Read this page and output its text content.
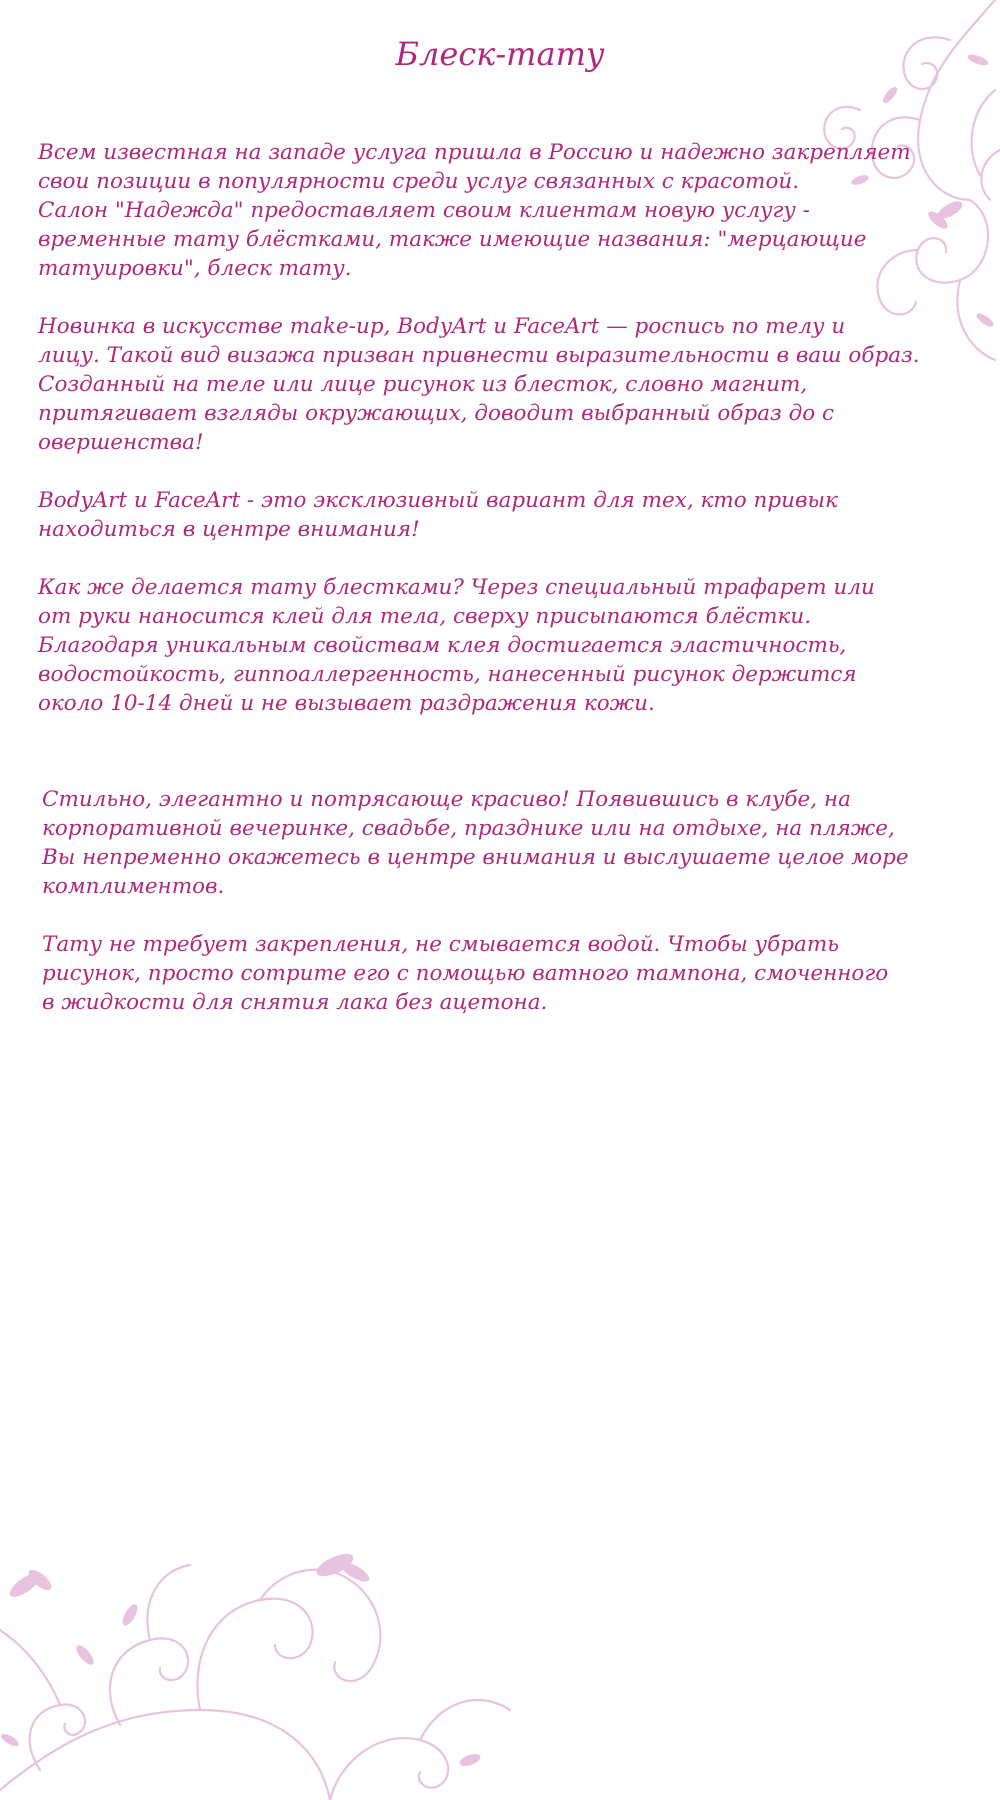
Блеск-тату

Всем известная на западе услуга пришла в Россию и надежно закрепляет
свои позиции в популярности среди услуг связанных с красотой.
Салон "Надежда" предоставляет своим клиентам новую услугу -
временные тату блёстками, также имеющие названия: "мерцающие
татуировки", блеск тату.

Новинка в искусстве make-up, BodyArt и FaceArt — роспись по телу и
лицу. Такой вид визажа призван привнести выразительности в ваш образ.
Созданный на теле или лице рисунок из блесток, словно магнит,
притягивает взгляды окружающих, доводит выбранный образ до с
овершенства!

BodyArt и FaceArt - это эксклюзивный вариант для тех, кто привык
находиться в центре внимания!

Как же делается тату блестками? Через специальный трафарет или
от руки наносится клей для тела, сверху присыпаются блёстки.
Благодаря уникальным свойствам клея достигается эластичность,
водостойкость, гиппоаллергенность, нанесенный рисунок держится
около 10-14 дней и не вызывает раздражения кожи.

Стильно, элегантно и потрясающе красиво! Появившись в клубе, на
корпоративной вечеринке, свадьбе, празднике или на отдыхе, на пляже,
Вы непременно окажетесь в центре внимания и выслушаете целое море
комплиментов.

Тату не требует закрепления, не смывается водой. Чтобы убрать
рисунок, просто сотрите его с помощью ватного тампона, смоченного
в жидкости для снятия лака без ацетона.
